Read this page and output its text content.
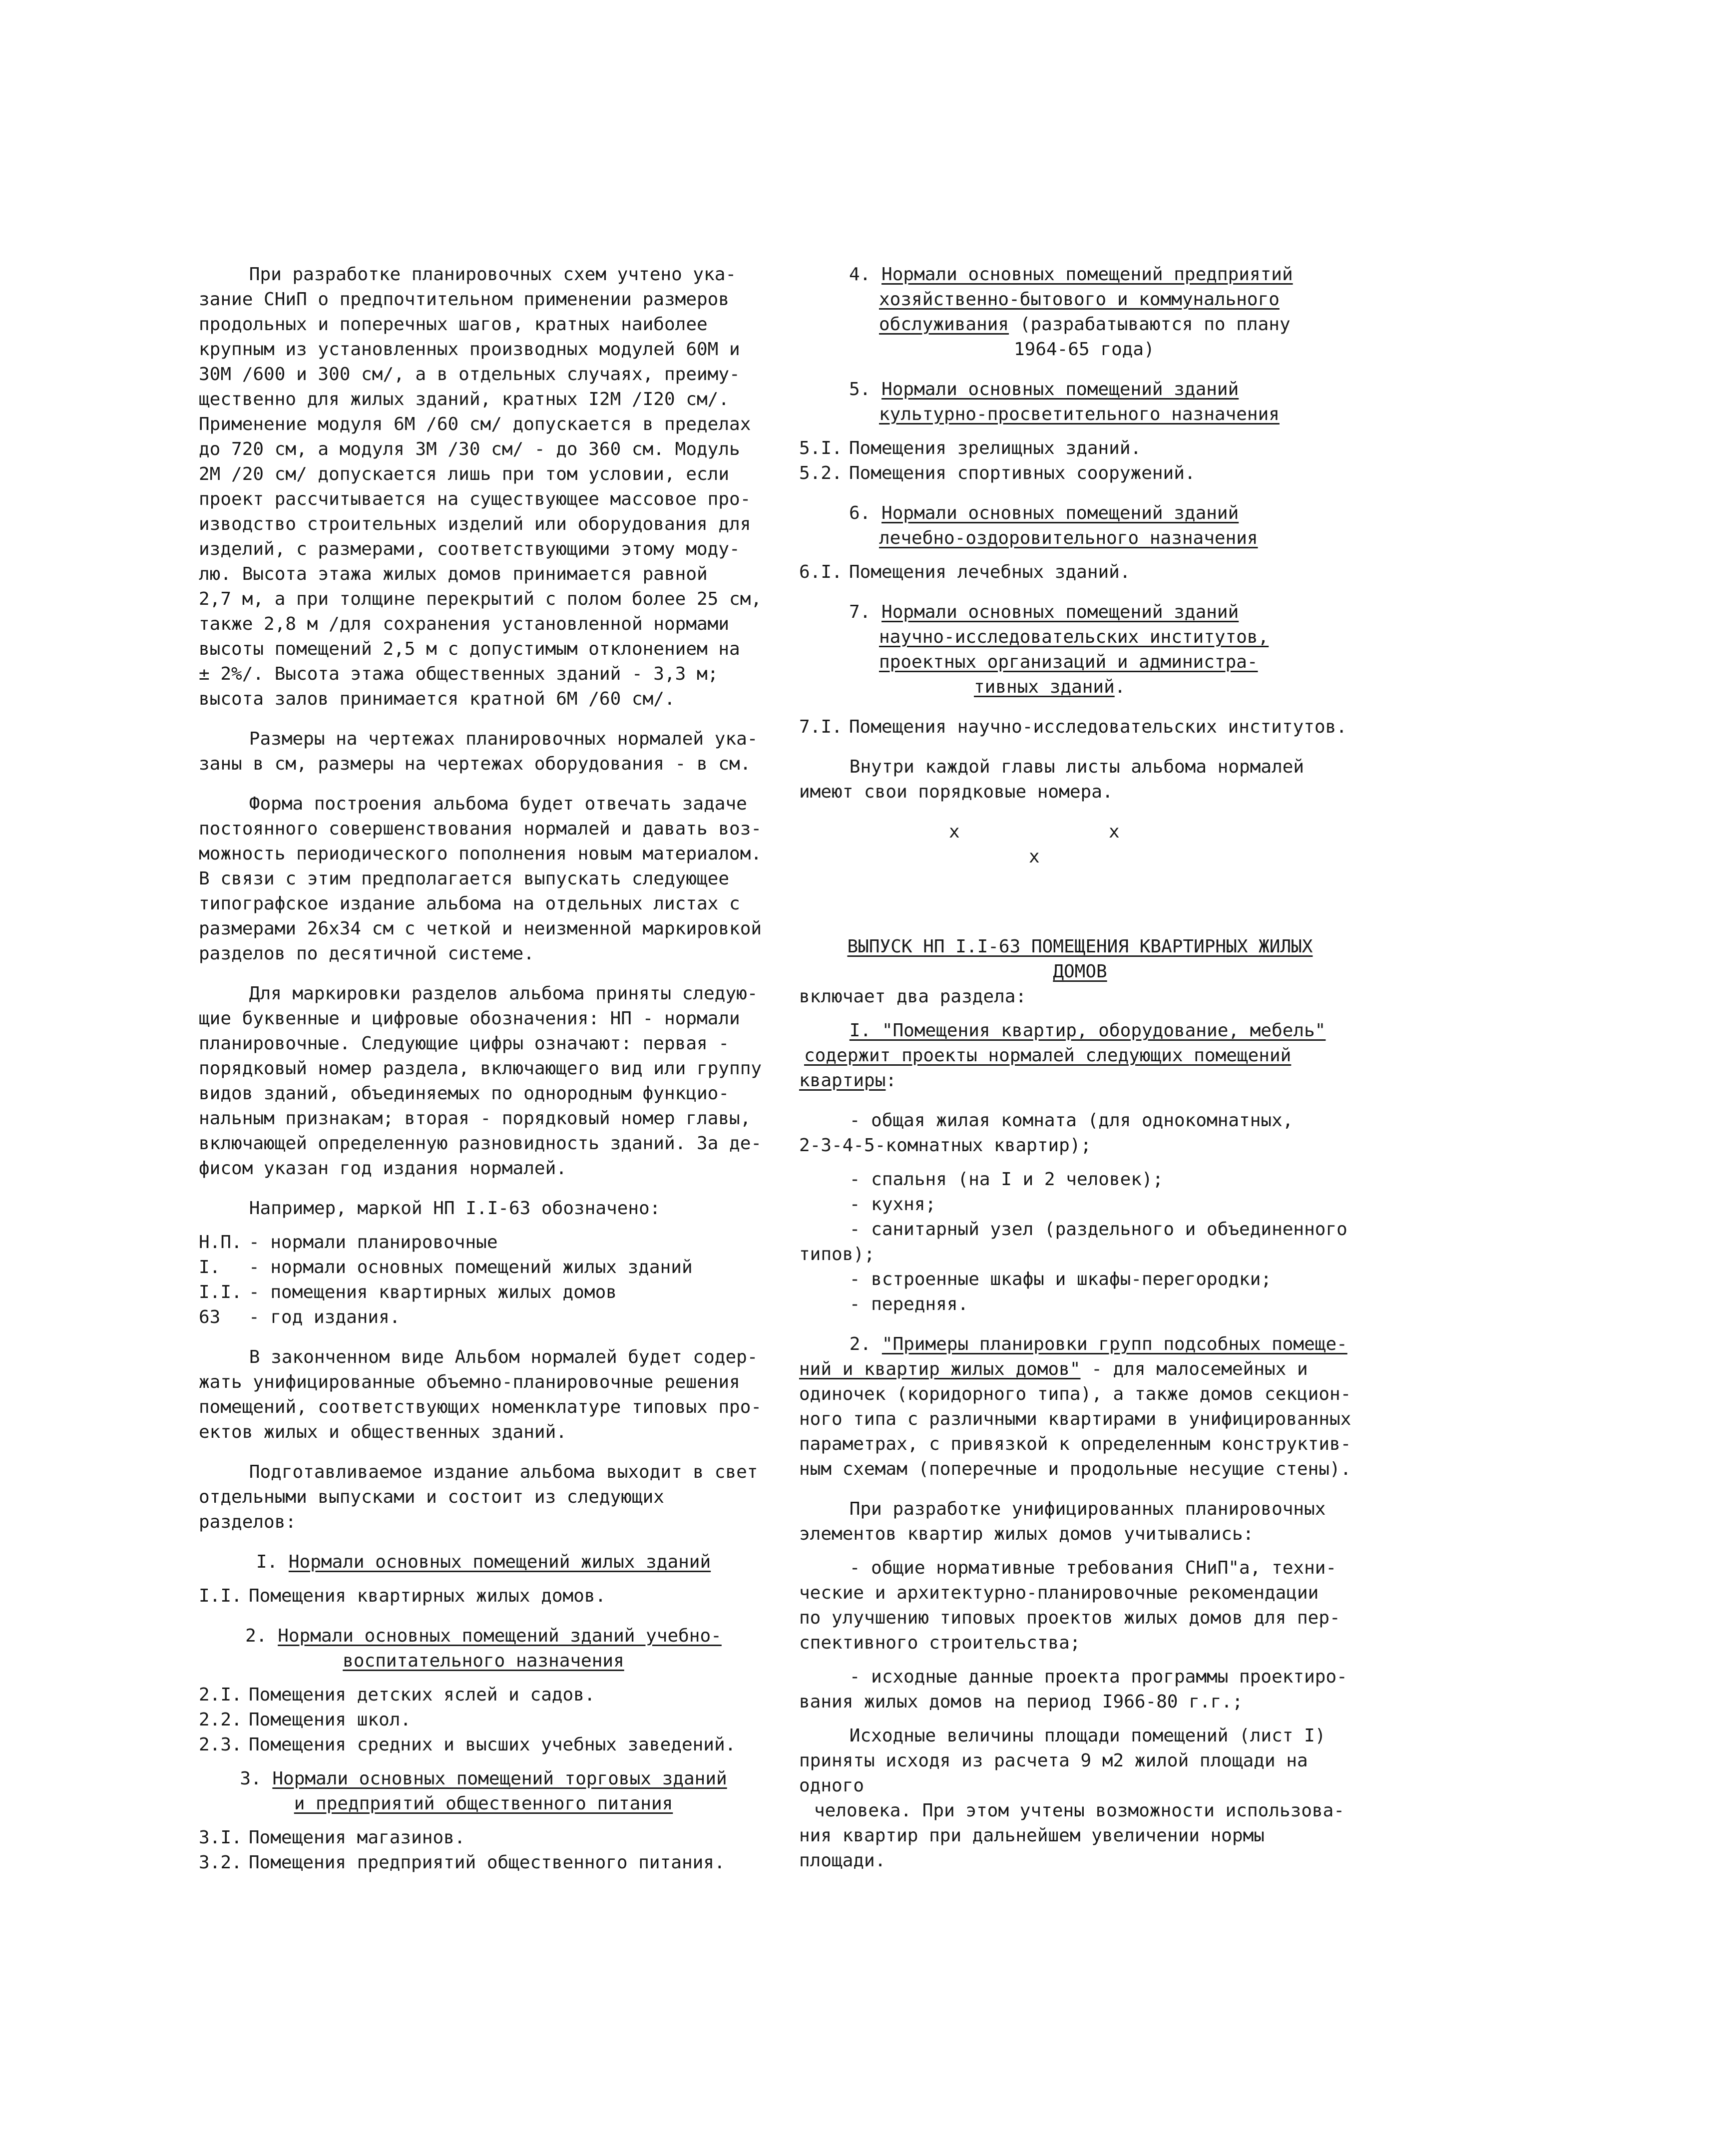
При разработке планировочных схем учтено ука-

зание СНиП о предпочтительном применении размеров

продольных и поперечных шагов, кратных наиболее

крупным из установленных производных модулей 60М и

30М /600 и 300 см/, а в отдельных случаях, преиму-

щественно для жилых зданий, кратных I2М /I20 см/.

Применение модуля 6М /60 см/ допускается в пределах

до 720 см, а модуля 3М /30 см/ - до 360 см. Модуль

2М /20 см/ допускается лишь при том условии, если

проект рассчитывается на существующее массовое про-

изводство строительных изделий или оборудования для

изделий, с размерами, соответствующими этому моду-

лю. Высота этажа жилых домов принимается равной

2,7 м, а при толщине перекрытий с полом более 25 см,

также 2,8 м /для сохранения установленной нормами

высоты помещений 2,5 м с допустимым отклонением на

± 2%/. Высота этажа общественных зданий - 3,3 м;

высота залов принимается кратной 6М /60 см/.

Размеры на чертежах планировочных нормалей ука-

заны в см, размеры на чертежах оборудования - в см.

Форма построения альбома будет отвечать задаче

постоянного совершенствования нормалей и давать воз-

можность периодического пополнения новым материалом.

В связи с этим предполагается выпускать следующее

типографское издание альбома на отдельных листах с

размерами 26х34 см с четкой и неизменной маркировкой

разделов по десятичной системе.

Для маркировки разделов альбома приняты следую-

щие буквенные и цифровые обозначения: НП - нормали

планировочные. Следующие цифры означают: первая -

порядковый номер раздела, включающего вид или группу

видов зданий, объединяемых по однородным функцио-

нальным признакам; вторая - порядковый номер главы,

включающей определенную разновидность зданий. За де-

фисом указан год издания нормалей.

Например, маркой НП I.I-63 обозначено:

Н.П. - нормали планировочные
I.	- нормали основных помещений жилых зданий
I.I. - помещения квартирных жилых домов
63	- год издания.

В законченном виде Альбом нормалей будет содер-

жать унифицированные объемно-планировочные решения

помещений, соответствующих номенклатуре типовых про-

ектов жилых и общественных зданий.

Подготавливаемое издание альбома выходит в свет

отдельными выпусками и состоит из следующих разделов:

I. Нормали основных помещений жилых зданий

I.I. Помещения квартирных жилых домов.

2. Нормали основных помещений зданий учебно-

воспитательного назначения

2.I. Помещения детских яслей и садов.
2.2. Помещения школ.
2.3. Помещения средних и высших учебных заведений.

3. Нормали основных помещений торговых зданий

и предприятий общественного питания

3.I. Помещения магазинов.
3.2. Помещения предприятий общественного питания.

4. Нормали основных помещений предприятий

хозяйственно-бытового и коммунального

обслуживания (разрабатываются по плану

1964-65 года)

5. Нормали основных помещений зданий

культурно-просветительного назначения

5.I. Помещения зрелищных зданий.
5.2. Помещения спортивных сооружений.

6. Нормали основных помещений зданий

лечебно-оздоровительного назначения

6.I. Помещения лечебных зданий.

7. Нормали основных помещений зданий

научно-исследовательских институтов,

проектных организаций и администра-

тивных зданий.

7.I. Помещения научно-исследовательских институтов.

Внутри каждой главы листы альбома нормалей

имеют свои порядковые номера.

x	x
x

ВЫПУСК НП I.I-63 ПОМЕЩЕНИЯ КВАРТИРНЫХ ЖИЛЫХ

ДОМОВ

включает два раздела:

I. "Помещения квартир, оборудование, мебель"

содержит проекты нормалей следующих помещений

квартиры:

- общая жилая комната (для однокомнатных,

2-3-4-5-комнатных квартир);

- спальня (на I и 2 человек);

- кухня;

- санитарный узел (раздельного и объединенного

типов);

- встроенные шкафы и шкафы-перегородки;

- передняя.

2. "Примеры планировки групп подсобных помеще-

ний и квартир жилых домов" - для малосемейных и

одиночек (коридорного типа), а также домов секцион-

ного типа с различными квартирами в унифицированных

параметрах, с привязкой к определенным конструктив-

ным схемам (поперечные и продольные несущие стены).

При разработке унифицированных планировочных

элементов квартир жилых домов учитывались:

- общие нормативные требования СНиП"а, техни-

ческие и архитектурно-планировочные рекомендации

по улучшению типовых проектов жилых домов для пер-

спективного строительства;

- исходные данные проекта программы проектиро-

вания жилых домов на период I966-80 г.г.;

Исходные величины площади помещений (лист I)

приняты исходя из расчета 9 м2 жилой площади на одного

человека. При этом учтены возможности использова-

ния квартир при дальнейшем увеличении нормы площади.
